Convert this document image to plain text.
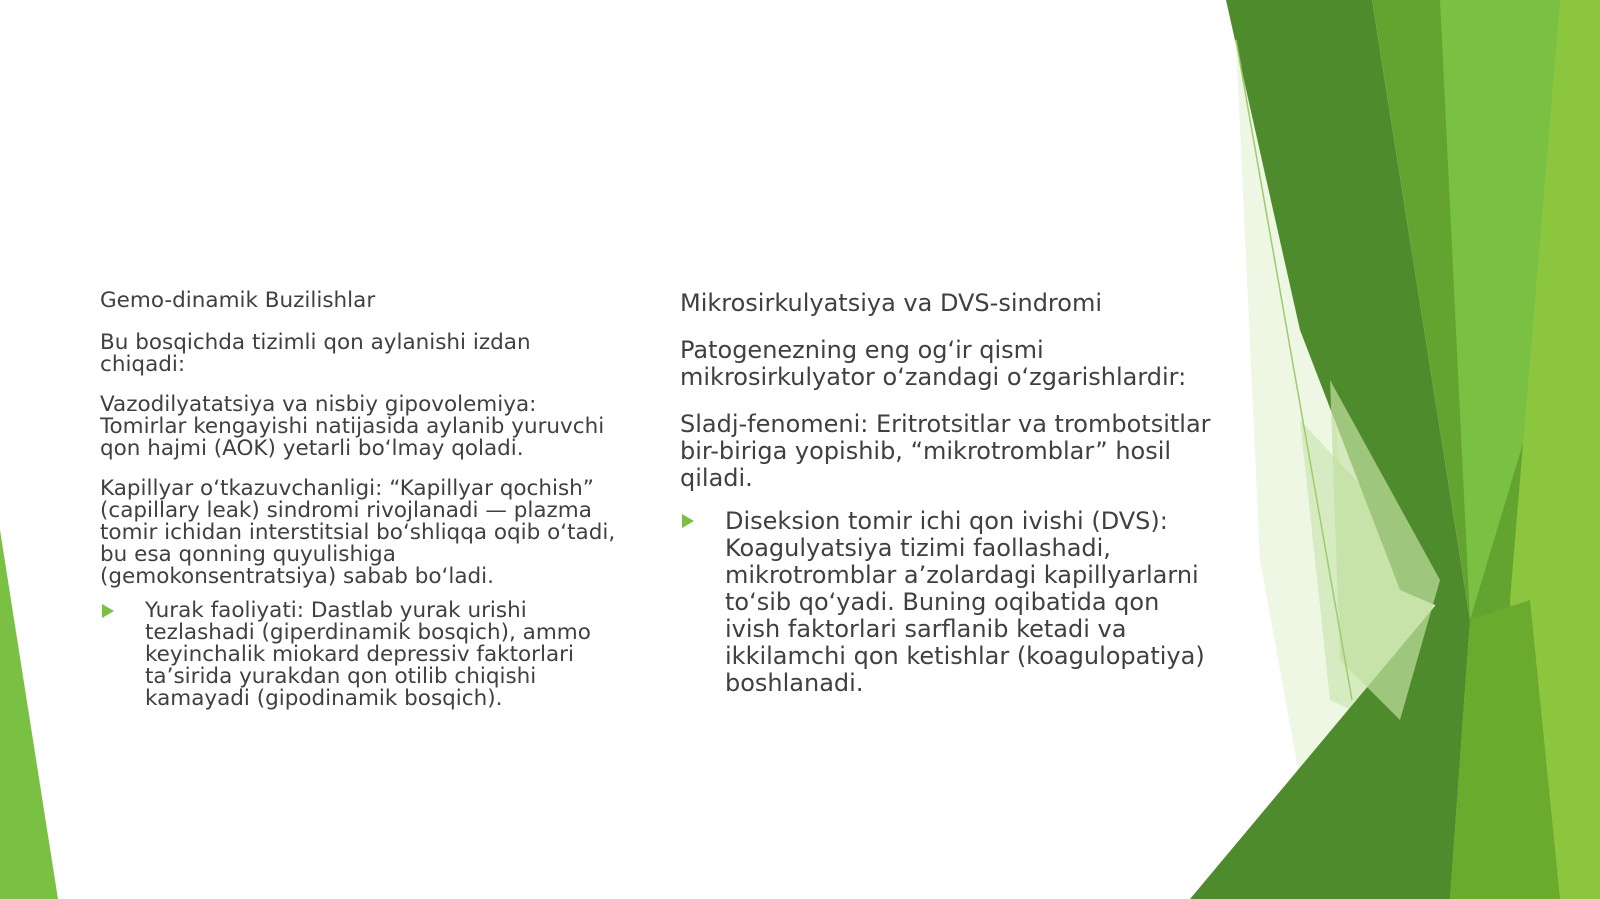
Gemo-dinamik Buzilishlar

Bu bosqichda tizimli qon aylanishi izdan chiqadi:

Vazodilyatatsiya va nisbiy gipovolemiya: Tomirlar kengayishi natijasida aylanib yuruvchi qon hajmi (AOK) yetarli bo‘lmay qoladi.

Kapillyar o‘tkazuvchanligi: “Kapillyar qochish” (capillary leak) sindromi rivojlanadi — plazma tomir ichidan interstitsial bo‘shliqqa oqib o‘tadi, bu esa qonning quyulishiga (gemokonsentratsiya) sabab bo‘ladi.

Yurak faoliyati: Dastlab yurak urishi tezlashadi (giperdinamik bosqich), ammo keyinchalik miokard depressiv faktorlari ta’sirida yurakdan qon otilib chiqishi kamayadi (gipodinamik bosqich).

Mikrosirkulyatsiya va DVS-sindromi

Patogenezning eng og‘ir qismi mikrosirkulyator o‘zandagi o‘zgarishlardir:

Sladj-fenomeni: Eritrotsitlar va trombotsitlar bir-biriga yopishib, “mikrotromblar” hosil qiladi.

Diseksion tomir ichi qon ivishi (DVS): Koagulyatsiya tizimi faollashadi, mikrotromblar a’zolardagi kapillyarlarni to‘sib qo‘yadi. Buning oqibatida qon ivish faktorlari sarflanib ketadi va ikkilamchi qon ketishlar (koagulopatiya) boshlanadi.
